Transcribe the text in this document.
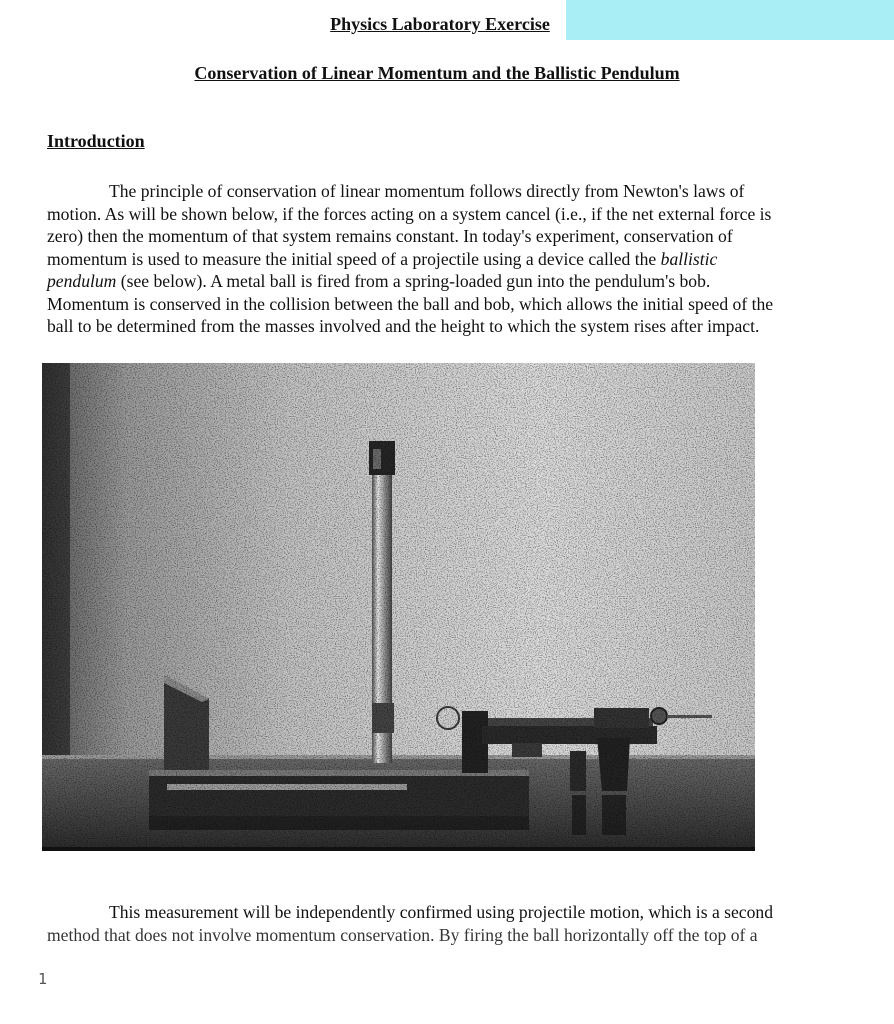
Physics Laboratory Exercise
Conservation of Linear Momentum and the Ballistic Pendulum
Introduction
The principle of conservation of linear momentum follows directly from Newton's laws of
motion. As will be shown below, if the forces acting on a system cancel (i.e., if the net external force is
zero) then the momentum of that system remains constant. In today's experiment, conservation of
momentum is used to measure the initial speed of a projectile using a device called the ballistic
pendulum (see below). A metal ball is fired from a spring-loaded gun into the pendulum's bob.
Momentum is conserved in the collision between the ball and bob, which allows the initial speed of the
ball to be determined from the masses involved and the height to which the system rises after impact.
This measurement will be independently confirmed using projectile motion, which is a second
method that does not involve momentum conservation. By firing the ball horizontally off the top of a
1
